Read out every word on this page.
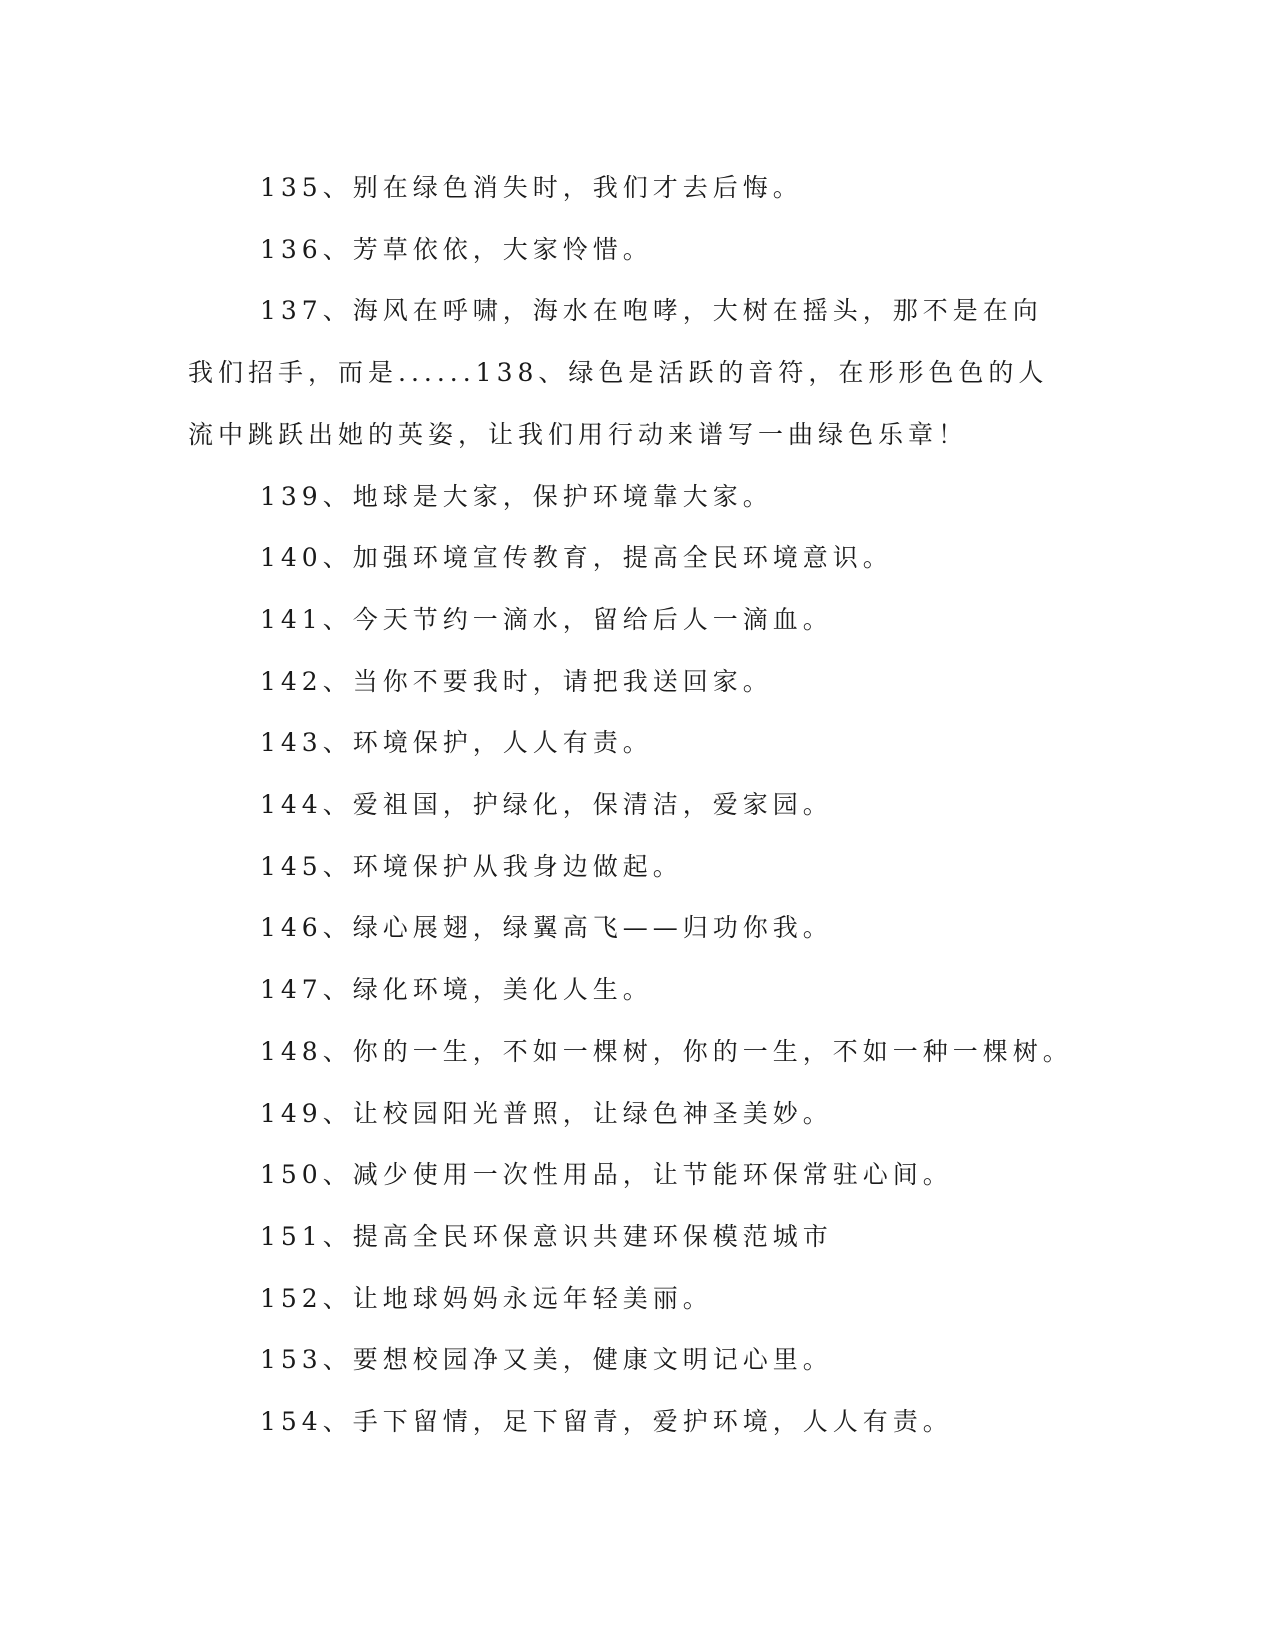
135、别在绿色消失时，我们才去后悔。

136、芳草依依，大家怜惜。

137、海风在呼啸，海水在咆哮，大树在摇头，那不是在向我们招手，而是......138、绿色是活跃的音符，在形形色色的人流中跳跃出她的英姿，让我们用行动来谱写一曲绿色乐章！

139、地球是大家，保护环境靠大家。

140、加强环境宣传教育，提高全民环境意识。

141、今天节约一滴水，留给后人一滴血。

142、当你不要我时，请把我送回家。

143、环境保护，人人有责。

144、爱祖国，护绿化，保清洁，爱家园。

145、环境保护从我身边做起。

146、绿心展翅，绿翼高飞——归功你我。

147、绿化环境，美化人生。

148、你的一生，不如一棵树，你的一生，不如一种一棵树。

149、让校园阳光普照，让绿色神圣美妙。

150、减少使用一次性用品，让节能环保常驻心间。

151、提高全民环保意识共建环保模范城市

152、让地球妈妈永远年轻美丽。

153、要想校园净又美，健康文明记心里。

154、手下留情，足下留青，爱护环境，人人有责。
